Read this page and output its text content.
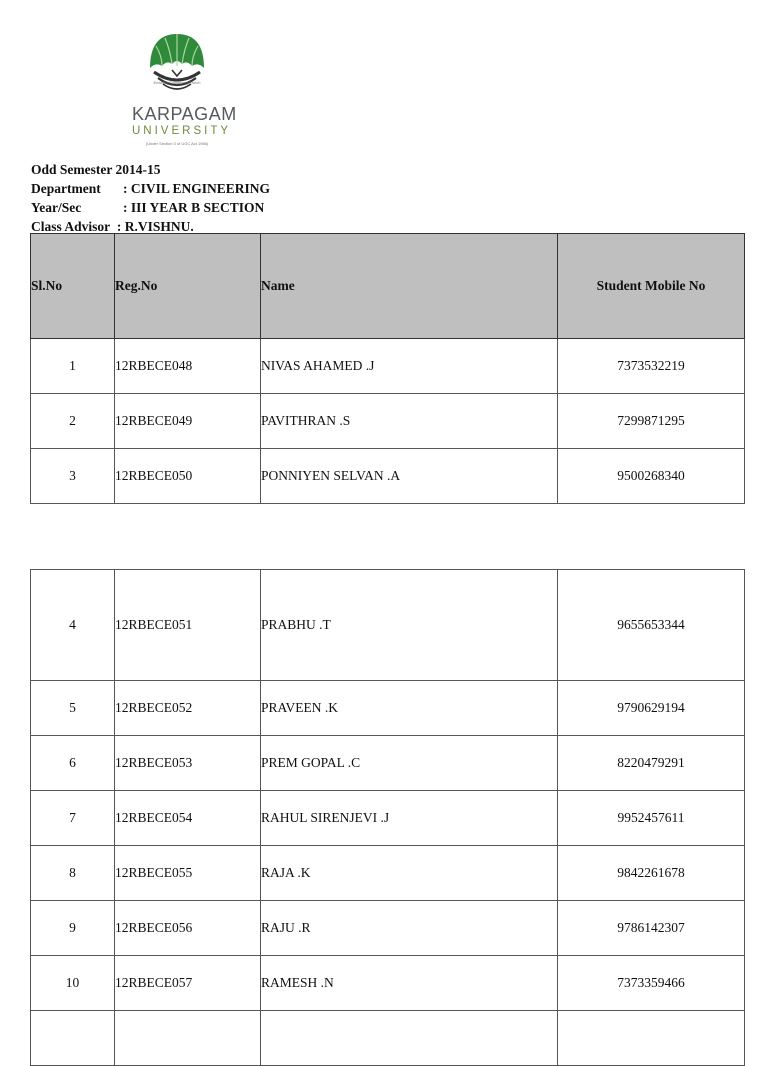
Enable | Enlighten | Enrich
KARPAGAM
UNIVERSITY
(Under Section 3 of UGC Act 1956)
Odd Semester 2014-15
Department : CIVIL ENGINEERING
Year/Sec	: III YEAR B SECTION
Class Advisor : R.VISHNU.
Sl.No	Reg.No	Name	Student Mobile No
1	12RBECE048	NIVAS AHAMED .J	7373532219
2	12RBECE049	PAVITHRAN .S	7299871295
3	12RBECE050	PONNIYEN SELVAN .A	9500268340
4	12RBECE051	PRABHU .T	9655653344
5	12RBECE052	PRAVEEN .K	9790629194
6	12RBECE053	PREM GOPAL .C	8220479291
7	12RBECE054	RAHUL SIRENJEVI .J	9952457611
8	12RBECE055	RAJA .K	9842261678
9	12RBECE056	RAJU .R	9786142307
10	12RBECE057	RAMESH .N	7373359466
